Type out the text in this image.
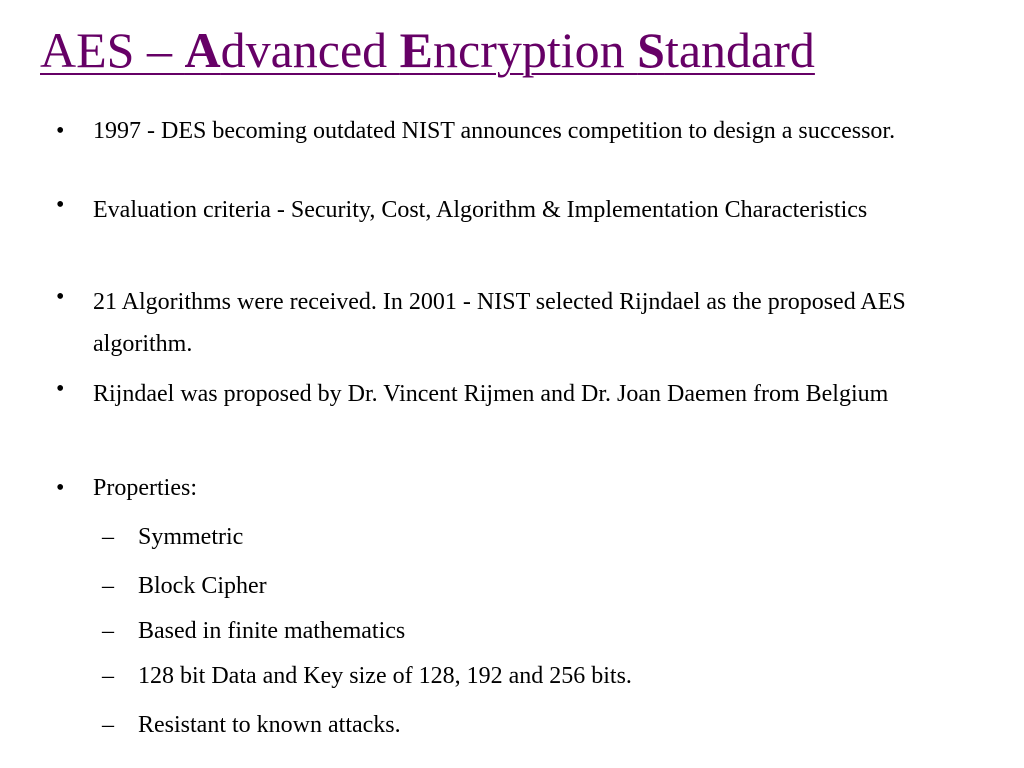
AES – Advanced Encryption Standard
• 1997 - DES becoming outdated NIST announces competition to design a successor.
• Evaluation criteria - Security, Cost, Algorithm & Implementation Characteristics
• 21 Algorithms were received. In 2001 - NIST selected Rijndael as the proposed AES algorithm.
• Rijndael was proposed by Dr. Vincent Rijmen and Dr. Joan Daemen from Belgium
• Properties:
– Symmetric
– Block Cipher
– Based in finite mathematics
– 128 bit Data and Key size of 128, 192 and 256 bits.
– Resistant to known attacks.
